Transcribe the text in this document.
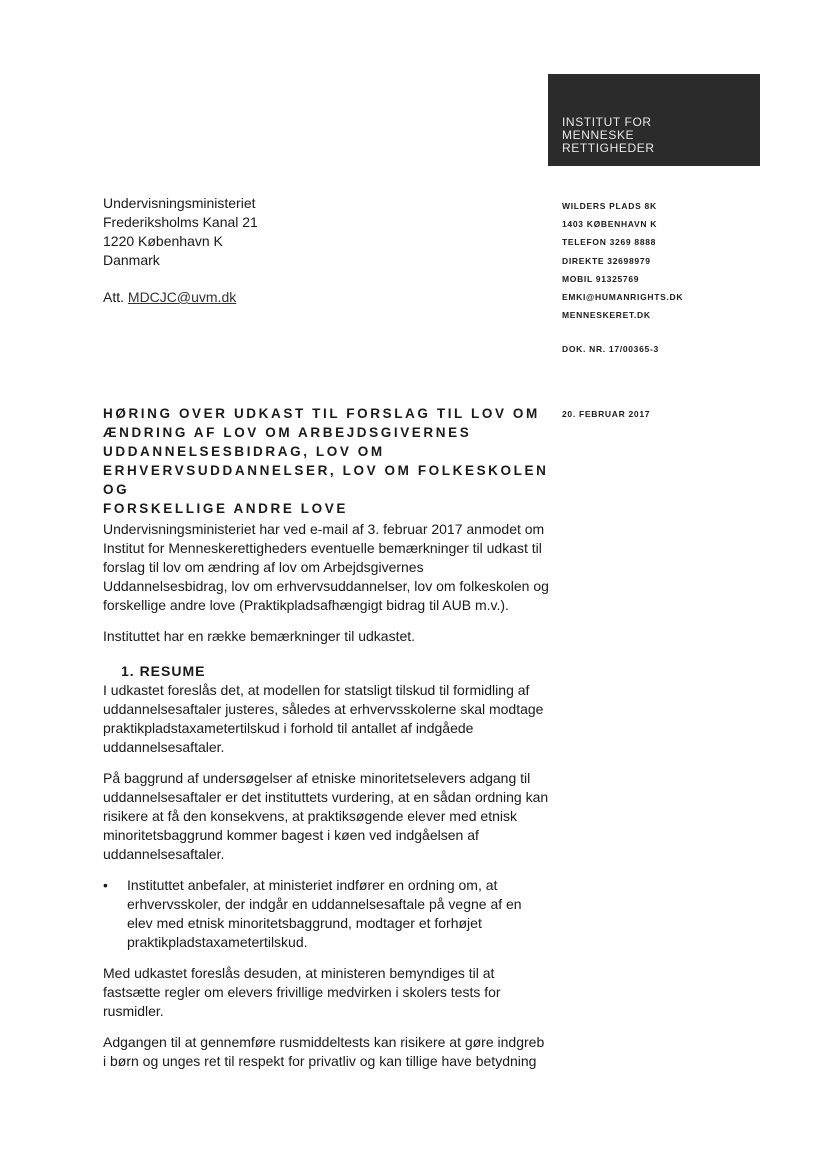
INSTITUT FOR
MENNESKE
RETTIGHEDER
Undervisningsministeriet
Frederiksholms Kanal 21
1220 København K
Danmark
Att. MDCJC@uvm.dk
WILDERS PLADS 8K
1403 KØBENHAVN K
TELEFON 3269 8888
DIREKTE 32698979
MOBIL 91325769
EMKI@HUMANRIGHTS.DK
MENNESKERET.DK
DOK. NR. 17/00365-3
20. FEBRUAR 2017
HØRING OVER UDKAST TIL FORSLAG TIL LOV OM
ÆNDRING AF LOV OM ARBEJDSGIVERNES
UDDANNELSESBIDRAG, LOV OM
ERHVERVSUDDANNELSER, LOV OM FOLKESKOLEN OG
FORSKELLIGE ANDRE LOVE

Undervisningsministeriet har ved e-mail af 3. februar 2017 anmodet om Institut for Menneskerettigheders eventuelle bemærkninger til udkast til forslag til lov om ændring af lov om Arbejdsgivernes Uddannelsesbidrag, lov om erhvervsuddannelser, lov om folkeskolen og forskellige andre love (Praktikpladsafhængigt bidrag til AUB m.v.).

Instituttet har en række bemærkninger til udkastet.

1. RESUME

I udkastet foreslås det, at modellen for statsligt tilskud til formidling af uddannelsesaftaler justeres, således at erhvervsskolerne skal modtage praktikpladstaxametertilskud i forhold til antallet af indgåede uddannelsesaftaler.

På baggrund af undersøgelser af etniske minoritetselevers adgang til uddannelsesaftaler er det instituttets vurdering, at en sådan ordning kan risikere at få den konsekvens, at praktiksøgende elever med etnisk minoritetsbaggrund kommer bagest i køen ved indgåelsen af uddannelsesaftaler.

•	Instituttet anbefaler, at ministeriet indfører en ordning om, at erhvervsskoler, der indgår en uddannelsesaftale på vegne af en elev med etnisk minoritetsbaggrund, modtager et forhøjet praktikpladstaxametertilskud.

Med udkastet foreslås desuden, at ministeren bemyndiges til at fastsætte regler om elevers frivillige medvirken i skolers tests for rusmidler.

Adgangen til at gennemføre rusmiddeltests kan risikere at gøre indgreb i børn og unges ret til respekt for privatliv og kan tillige have betydning
